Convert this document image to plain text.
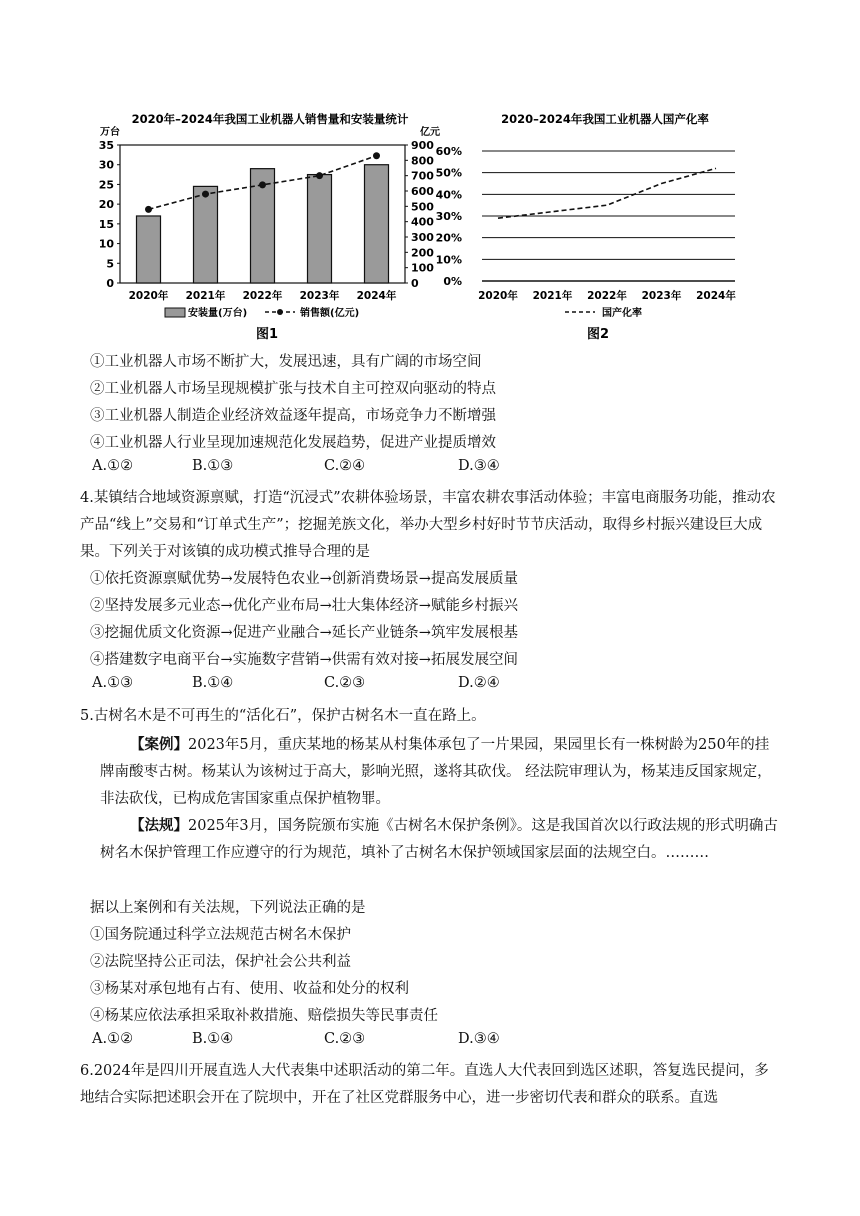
2020年–2024年我国工业机器人销售量和安装量统计
万台	亿元
0
5
10
15
20
25
30
35
0
100
200
300
400
500
600
700
800
900
2020年 2021年 2022年 2023年 2024年
安装量(万台)	销售额(亿元)
图1
2020–2024年我国工业机器人国产化率
0%
10%
20%
30%
40%
50%
60%
2020年 2021年 2022年 2023年 2024年
国产化率
图2
①工业机器人市场不断扩大，发展迅速，具有广阔的市场空间
②工业机器人市场呈现规模扩张与技术自主可控双向驱动的特点
③工业机器人制造企业经济效益逐年提高，市场竞争力不断增强
④工业机器人行业呈现加速规范化发展趋势，促进产业提质增效
A.①②	B.①③	C.②④	D.③④
4.某镇结合地域资源禀赋，打造“沉浸式”农耕体验场景，丰富农耕农事活动体验；丰富电商服务功能，推动农产品“线上”交易和“订单式生产”；挖掘羌族文化，举办大型乡村好时节节庆活动，取得乡村振兴建设巨大成果。下列关于对该镇的成功模式推导合理的是
①依托资源禀赋优势→发展特色农业→创新消费场景→提高发展质量
②坚持发展多元业态→优化产业布局→壮大集体经济→赋能乡村振兴
③挖掘优质文化资源→促进产业融合→延长产业链条→筑牢发展根基
④搭建数字电商平台→实施数字营销→供需有效对接→拓展发展空间
A.①③	B.①④	C.②③	D.②④
5.古树名木是不可再生的“活化石”，保护古树名木一直在路上。
【案例】2023年5月，重庆某地的杨某从村集体承包了一片果园，果园里长有一株树龄为250年的挂牌南酸枣古树。杨某认为该树过于高大，影响光照，遂将其砍伐。 经法院审理认为，杨某违反国家规定，非法砍伐，已构成危害国家重点保护植物罪。
【法规】2025年3月，国务院颁布实施《古树名木保护条例》。这是我国首次以行政法规的形式明确古树名木保护管理工作应遵守的行为规范，填补了古树名木保护领域国家层面的法规空白。………
据以上案例和有关法规，下列说法正确的是
①国务院通过科学立法规范古树名木保护
②法院坚持公正司法，保护社会公共利益
③杨某对承包地有占有、使用、收益和处分的权利
④杨某应依法承担采取补救措施、赔偿损失等民事责任
A.①②	B.①④	C.②③	D.③④
6.2024年是四川开展直选人大代表集中述职活动的第二年。直选人大代表回到选区述职，答复选民提问，多地结合实际把述职会开在了院坝中，开在了社区党群服务中心，进一步密切代表和群众的联系。直选
